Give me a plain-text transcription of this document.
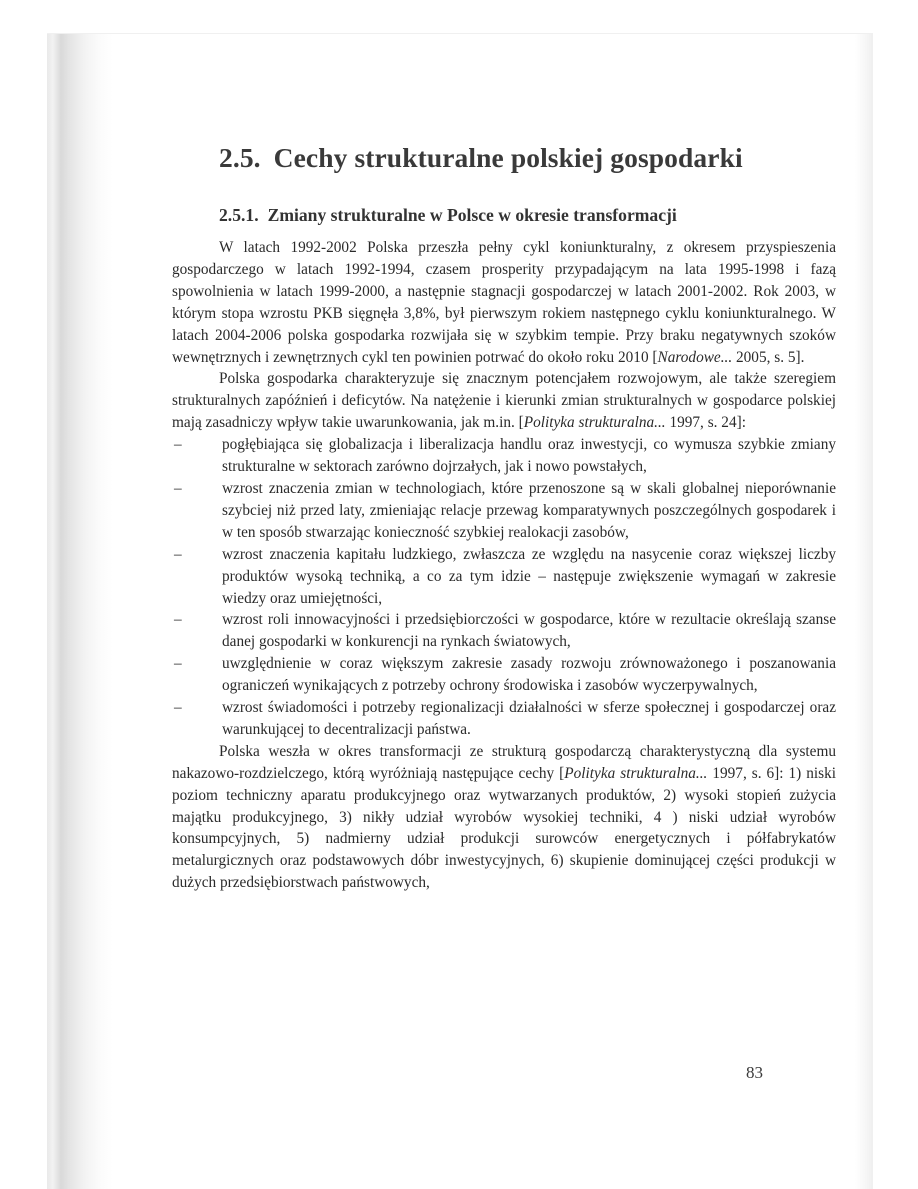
2.5. Cechy strukturalne polskiej gospodarki
2.5.1. Zmiany strukturalne w Polsce w okresie transformacji

W latach 1992-2002 Polska przeszła pełny cykl koniunkturalny, z okresem przyspieszenia gospodarczego w latach 1992-1994, czasem prosperity przypadającym na lata 1995-1998 i fazą spowolnienia w latach 1999-2000, a następnie stagnacji gospodarczej w latach 2001-2002. Rok 2003, w którym stopa wzrostu PKB sięgnęła 3,8%, był pierwszym rokiem następnego cyklu koniunkturalnego. W latach 2004-2006 polska gospodarka rozwijała się w szybkim tempie. Przy braku negatywnych szoków wewnętrznych i zewnętrznych cykl ten powinien potrwać do około roku 2010 [Narodowe... 2005, s. 5].

Polska gospodarka charakteryzuje się znacznym potencjałem rozwojowym, ale także szeregiem strukturalnych zapóźnień i deficytów. Na natężenie i kierunki zmian strukturalnych w gospodarce polskiej mają zasadniczy wpływ takie uwarunkowania, jak m.in. [Polityka strukturalna... 1997, s. 24]:

–	pogłębiająca się globalizacja i liberalizacja handlu oraz inwestycji, co wymusza szybkie zmiany strukturalne w sektorach zarówno dojrzałych, jak i nowo powstałych,
–	wzrost znaczenia zmian w technologiach, które przenoszone są w skali globalnej nieporównanie szybciej niż przed laty, zmieniając relacje przewag komparatywnych poszczególnych gospodarek i w ten sposób stwarzając konieczność szybkiej realokacji zasobów,
–	wzrost znaczenia kapitału ludzkiego, zwłaszcza ze względu na nasycenie coraz większej liczby produktów wysoką techniką, a co za tym idzie – następuje zwiększenie wymagań w zakresie wiedzy oraz umiejętności,
–	wzrost roli innowacyjności i przedsiębiorczości w gospodarce, które w rezultacie określają szanse danej gospodarki w konkurencji na rynkach światowych,
–	uwzględnienie w coraz większym zakresie zasady rozwoju zrównoważonego i poszanowania ograniczeń wynikających z potrzeby ochrony środowiska i zasobów wyczerpywalnych,
–	wzrost świadomości i potrzeby regionalizacji działalności w sferze społecznej i gospodarczej oraz warunkującej to decentralizacji państwa.

Polska weszła w okres transformacji ze strukturą gospodarczą charakterystyczną dla systemu nakazowo-rozdzielczego, którą wyróżniają następujące cechy [Polityka strukturalna... 1997, s. 6]: 1) niski poziom techniczny aparatu produkcyjnego oraz wytwarzanych produktów, 2) wysoki stopień zużycia majątku produkcyjnego, 3) nikły udział wyrobów wysokiej techniki, 4 ) niski udział wyrobów konsumpcyjnych, 5) nadmierny udział produkcji surowców energetycznych i półfabrykatów metalurgicznych oraz podstawowych dóbr inwestycyjnych, 6) skupienie dominującej części produkcji w dużych przedsiębiorstwach państwowych,

83
